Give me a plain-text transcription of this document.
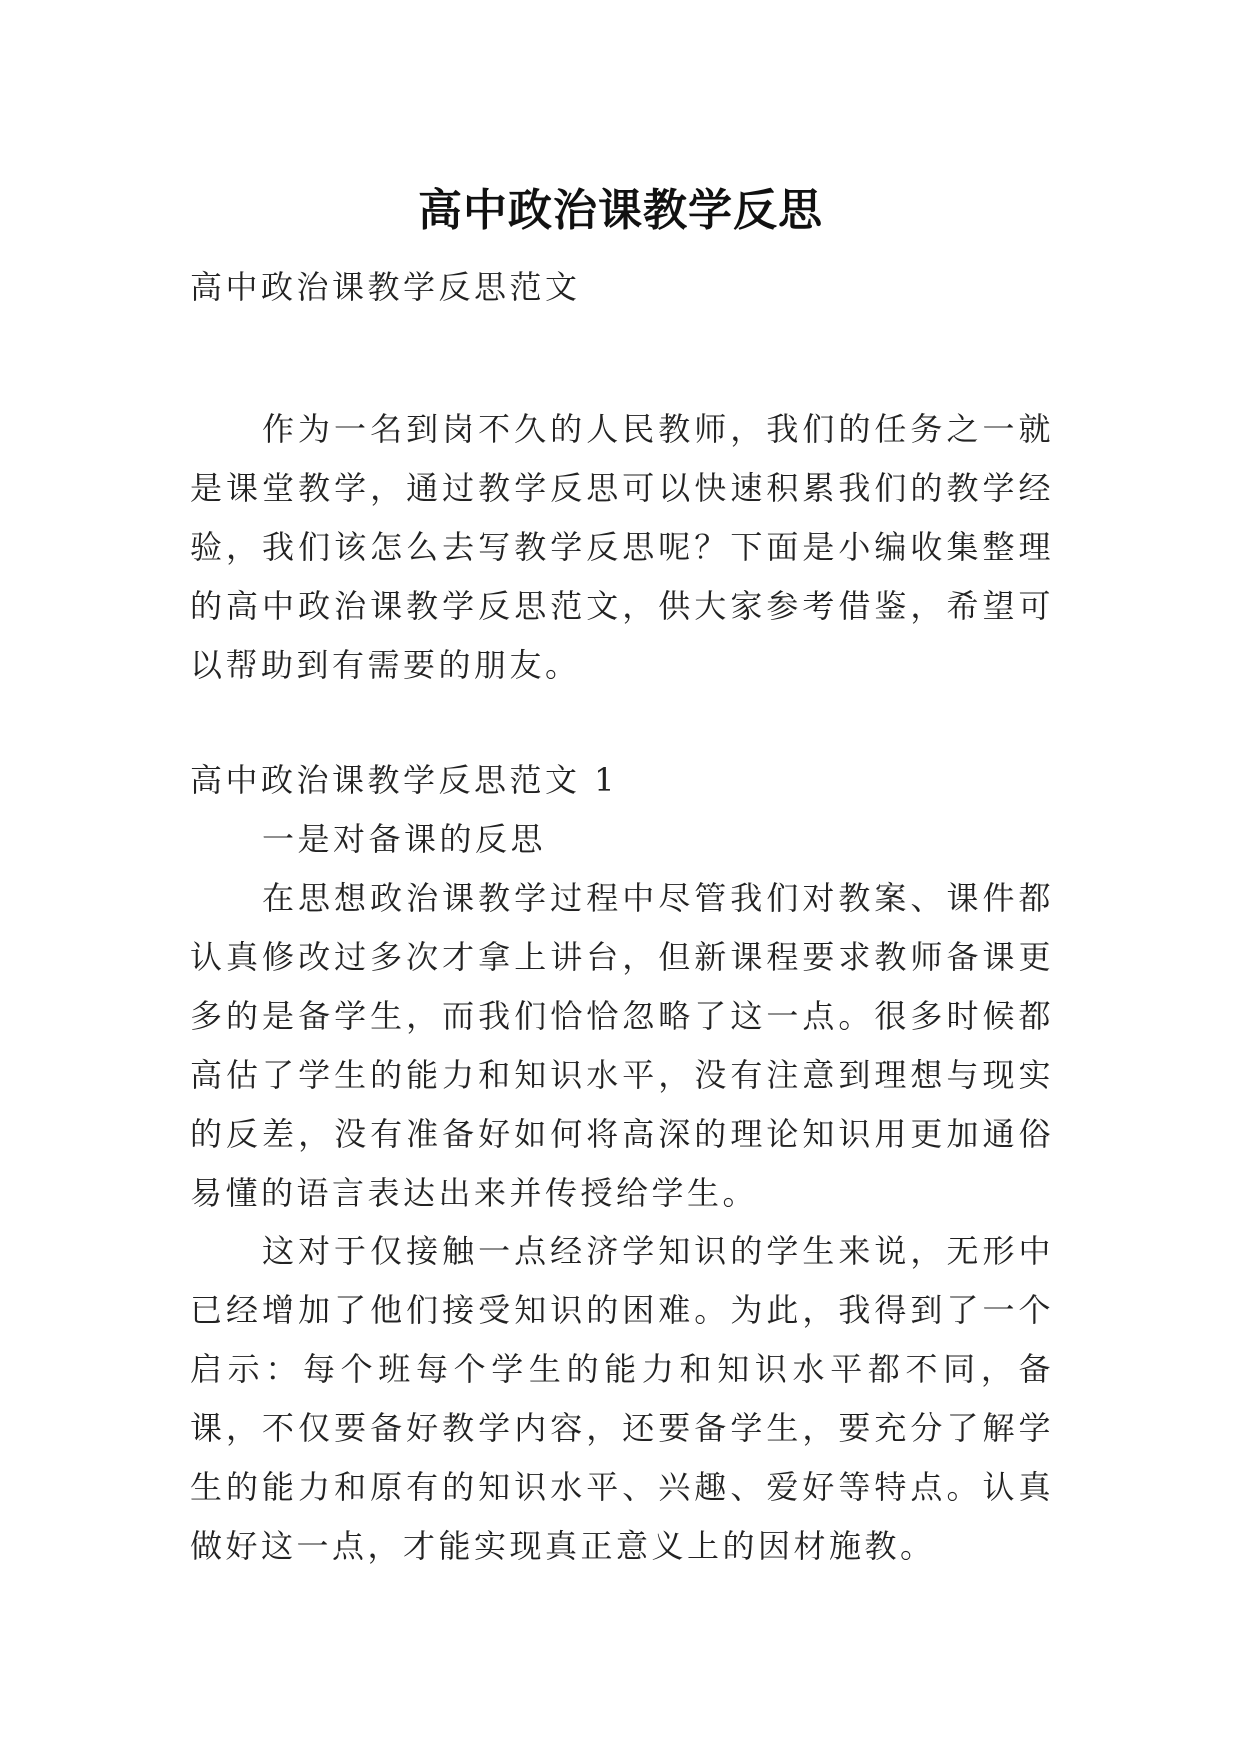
高中政治课教学反思

高中政治课教学反思范文

作为一名到岗不久的人民教师，我们的任务之一就是课堂教学，通过教学反思可以快速积累我们的教学经验，我们该怎么去写教学反思呢？下面是小编收集整理的高中政治课教学反思范文，供大家参考借鉴，希望可以帮助到有需要的朋友。

高中政治课教学反思范文 1

一是对备课的反思

在思想政治课教学过程中尽管我们对教案、课件都认真修改过多次才拿上讲台，但新课程要求教师备课更多的是备学生，而我们恰恰忽略了这一点。很多时候都高估了学生的能力和知识水平，没有注意到理想与现实的反差，没有准备好如何将高深的理论知识用更加通俗易懂的语言表达出来并传授给学生。

这对于仅接触一点经济学知识的学生来说，无形中已经增加了他们接受知识的困难。为此，我得到了一个启示：每个班每个学生的能力和知识水平都不同，备课，不仅要备好教学内容，还要备学生，要充分了解学生的能力和原有的知识水平、兴趣、爱好等特点。认真做好这一点，才能实现真正意义上的因材施教。
